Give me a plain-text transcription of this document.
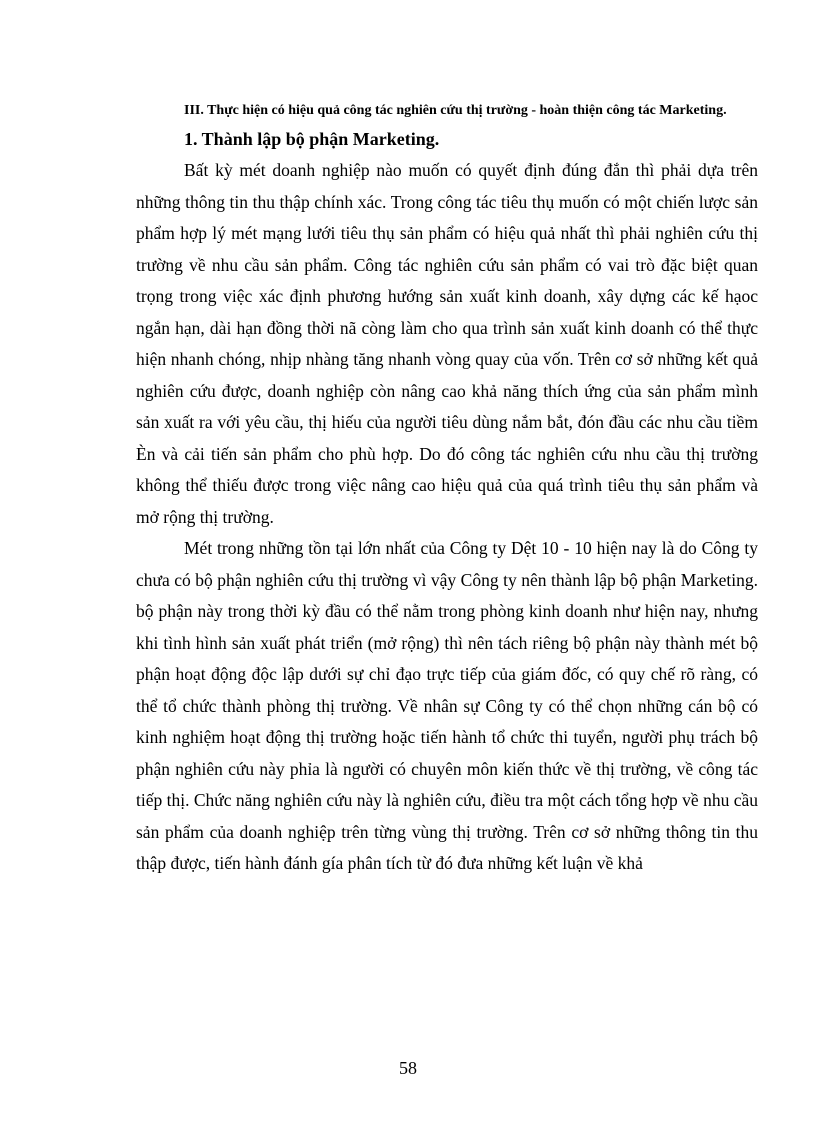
III. Thực hiện có hiệu quả công tác nghiên cứu thị trường - hoàn thiện công tác Marketing.

1. Thành lập bộ phận Marketing.

Bất kỳ mét doanh nghiệp nào muốn có quyết định đúng đắn thì phải dựa trên những thông tin thu thập chính xác. Trong công tác tiêu thụ muốn có một chiến lược sản phẩm hợp lý mét mạng lưới tiêu thụ sản phẩm có hiệu quả nhất thì phải nghiên cứu thị trường về nhu cầu sản phẩm. Công tác nghiên cứu sản phẩm có vai trò đặc biệt quan trọng trong việc xác định phương hướng sản xuất kinh doanh, xây dựng các kế hạoc ngắn hạn, dài hạn đồng thời nã còng làm cho qua trình sản xuất kinh doanh có thể thực hiện nhanh chóng, nhịp nhàng tăng nhanh vòng quay của vốn. Trên cơ sở những kết quả nghiên cứu được, doanh nghiệp còn nâng cao khả năng thích ứng của sản phẩm mình sản xuất ra với yêu cầu, thị hiếu của người tiêu dùng nắm bắt, đón đầu các nhu cầu tiềm Èn và cải tiến sản phẩm cho phù hợp. Do đó công tác nghiên cứu nhu cầu thị trường không thể thiếu được trong việc nâng cao hiệu quả của quá trình tiêu thụ sản phẩm và mở rộng thị trường.

Mét trong những tồn tại lớn nhất của Công ty Dệt 10 - 10 hiện nay là do Công ty chưa có bộ phận nghiên cứu thị trường vì vậy Công ty nên thành lập bộ phận Marketing. bộ phận này trong thời kỳ đầu có thể nằm trong phòng kinh doanh như hiện nay, nhưng khi tình hình sản xuất phát triển (mở rộng) thì nên tách riêng bộ phận này thành mét bộ phận hoạt động độc lập dưới sự chỉ đạo trực tiếp của giám đốc, có quy chế rõ ràng, có thể tổ chức thành phòng thị trường. Về nhân sự Công ty có thể chọn những cán bộ có kinh nghiệm hoạt động thị trường hoặc tiến hành tổ chức thi tuyển, người phụ trách bộ phận nghiên cứu này phỉa là người có chuyên môn kiến thức về thị trường, về công tác tiếp thị. Chức năng nghiên cứu này là nghiên cứu, điều tra một cách tổng hợp về nhu cầu sản phẩm của doanh nghiệp trên từng vùng thị trường. Trên cơ sở những thông tin thu thập được, tiến hành đánh gía phân tích từ đó đưa những kết luận về khả

58
